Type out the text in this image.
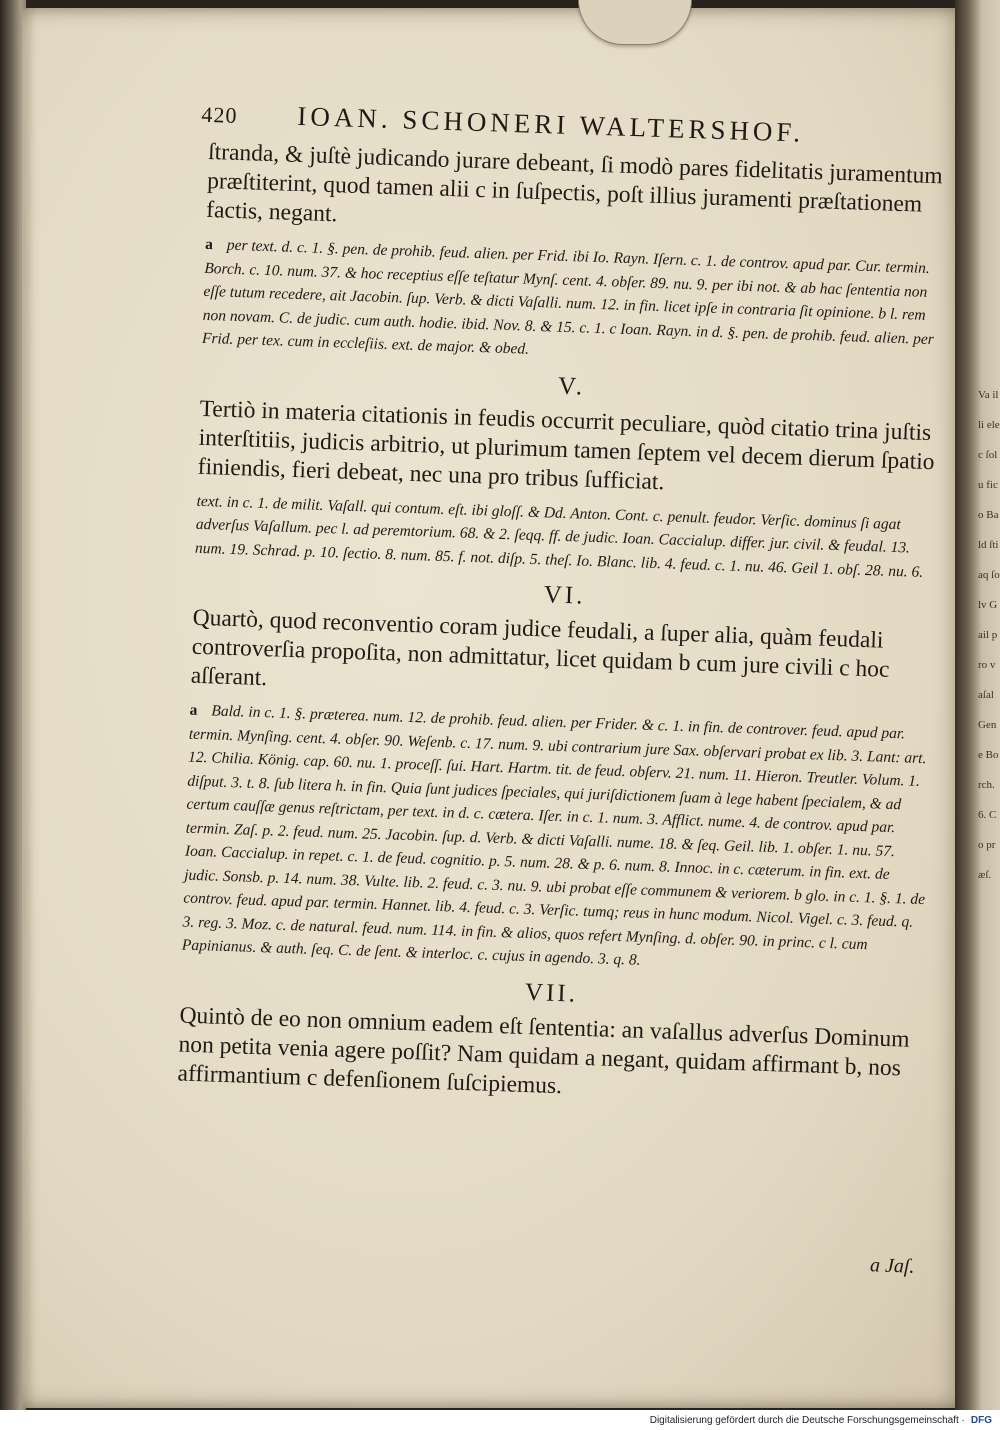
420	IOAN. SCHONERI WALTERSHOF.

ſtranda, & juſtè judicando jurare debeant, ſi modò pares fidelitatis juramentum præſtiterint, quod tamen alii c in ſuſpectis, poſt illius juramenti præſtationem factis, negant.

a per text. d. c. 1. §. pen. de prohib. feud. alien. per Frid. ibi Io. Rayn. Iſern. c. 1. de controv. apud par. Cur. termin. Borch. c. 10. num. 37. & hoc receptius eſſe teſtatur Mynſ. cent. 4. obſer. 89. nu. 9. per ibi not. & ab hac ſententia non eſſe tutum recedere, ait Jacobin. ſup. Verb. & dicti Vaſalli. num. 12. in fin. licet ipſe in contraria ſit opinione. b l. rem non novam. C. de judic. cum auth. hodie. ibid. Nov. 8. & 15. c. 1. c Ioan. Rayn. in d. §. pen. de prohib. feud. alien. per Frid. per tex. cum in eccleſiis. ext. de major. & obed.

V.

Tertiò in materia citationis in feudis occurrit peculiare, quòd citatio trina juſtis interſtitiis, judicis arbitrio, ut plurimum tamen ſeptem vel decem dierum ſpatio finiendis, fieri debeat, nec una pro tribus ſufficiat.

text. in c. 1. de milit. Vaſall. qui contum. eſt. ibi gloſſ. & Dd. Anton. Cont. c. penult. feudor. Verſic. dominus ſi agat adverſus Vaſallum. pec l. ad peremtorium. 68. & 2. ſeqq. ff. de judic. Ioan. Caccialup. differ. jur. civil. & feudal. 13. num. 19. Schrad. p. 10. ſectio. 8. num. 85. f. not. diſp. 5. theſ. Io. Blanc. lib. 4. feud. c. 1. nu. 46. Geil 1. obſ. 28. nu. 6.

VI.

Quartò, quod reconventio coram judice feudali, a ſuper alia, quàm feudali controverſia propoſita, non admittatur, licet quidam b cum jure civili c hoc aſſerant.

a Bald. in c. 1. §. præterea. num. 12. de prohib. feud. alien. per Frider. & c. 1. in fin. de controver. feud. apud par. termin. Mynſing. cent. 4. obſer. 90. Weſenb. c. 17. num. 9. ubi contrarium jure Sax. obſervari probat ex lib. 3. Lant: art. 12. Chilia. König. cap. 60. nu. 1. proceſſ. ſui. Hart. Hartm. tit. de feud. obſerv. 21. num. 11. Hieron. Treutler. Volum. 1. diſput. 3. t. 8. ſub litera h. in fin. Quia ſunt judices ſpeciales, qui juriſdictionem ſuam à lege habent ſpecialem, & ad certum cauſſæ genus reſtrictam, per text. in d. c. cætera. Iſer. in c. 1. num. 3. Afflict. nume. 4. de controv. apud par. termin. Zaſ. p. 2. feud. num. 25. Jacobin. ſup. d. Verb. & dicti Vaſalli. nume. 18. & ſeq. Geil. lib. 1. obſer. 1. nu. 57. Ioan. Caccialup. in repet. c. 1. de feud. cognitio. p. 5. num. 28. & p. 6. num. 8. Innoc. in c. cæterum. in fin. ext. de judic. Sonsb. p. 14. num. 38. Vulte. lib. 2. feud. c. 3. nu. 9. ubi probat eſſe communem & veriorem. b glo. in c. 1. §. 1. de controv. feud. apud par. termin. Hannet. lib. 4. feud. c. 3. Verſic. tumq; reus in hunc modum. Nicol. Vigel. c. 3. feud. q. 3. reg. 3. Moz. c. de natural. feud. num. 114. in fin. & alios, quos refert Mynſing. d. obſer. 90. in princ. c l. cum Papinianus. & auth. ſeq. C. de ſent. & interloc. c. cujus in agendo. 3. q. 8.

VII.

Quintò de eo non omnium eadem eſt ſententia: an vaſallus adverſus Dominum non petita venia agere poſſit? Nam quidam a negant, quidam affirmant b, nos affirmantium c defenſionem ſuſcipiemus.

a Jaſ.
Va illi elec ſolu fico Bald ſtiaq ſolv Gail pro vaſal Gene Borch. 6. Co præſ.
Digitalisierung gefördert durch die Deutsche Forschungsgemeinschaft · DFG
